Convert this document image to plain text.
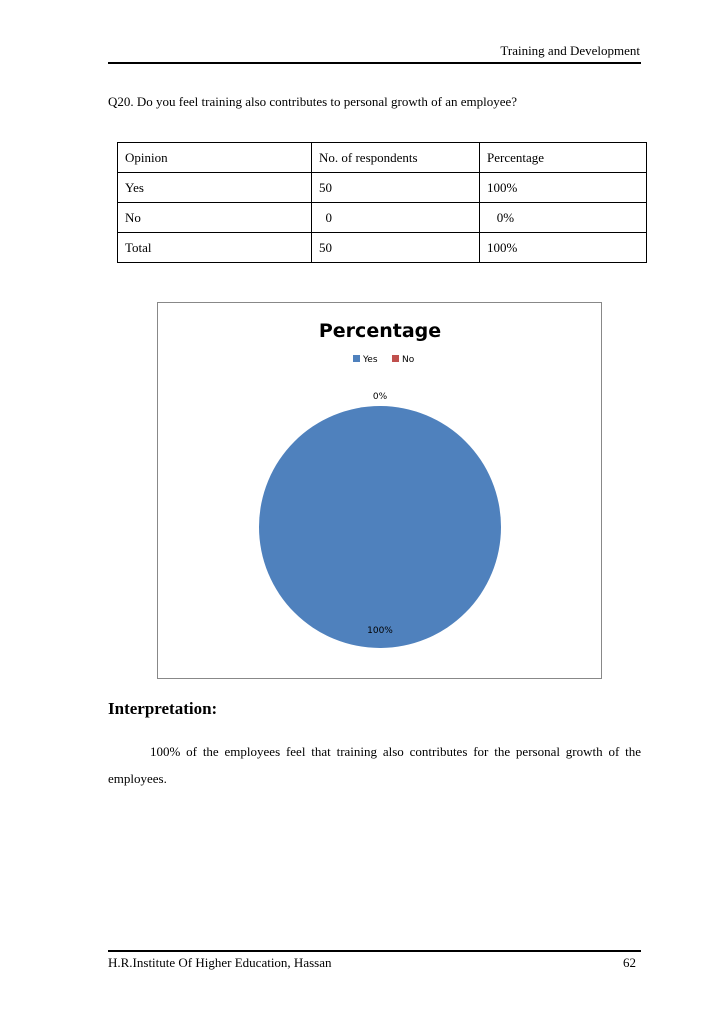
Training and Development
Q20. Do you feel training also contributes to personal growth of an employee?
Opinion	No. of respondents	Percentage
Yes	50	100%
No	0	0%
Total	50	100%
Percentage
Yes	No
100%
0%
Interpretation:
100% of the employees feel that training also contributes for the personal growth of the employees.
H.R.Institute Of Higher Education, Hassan	62
